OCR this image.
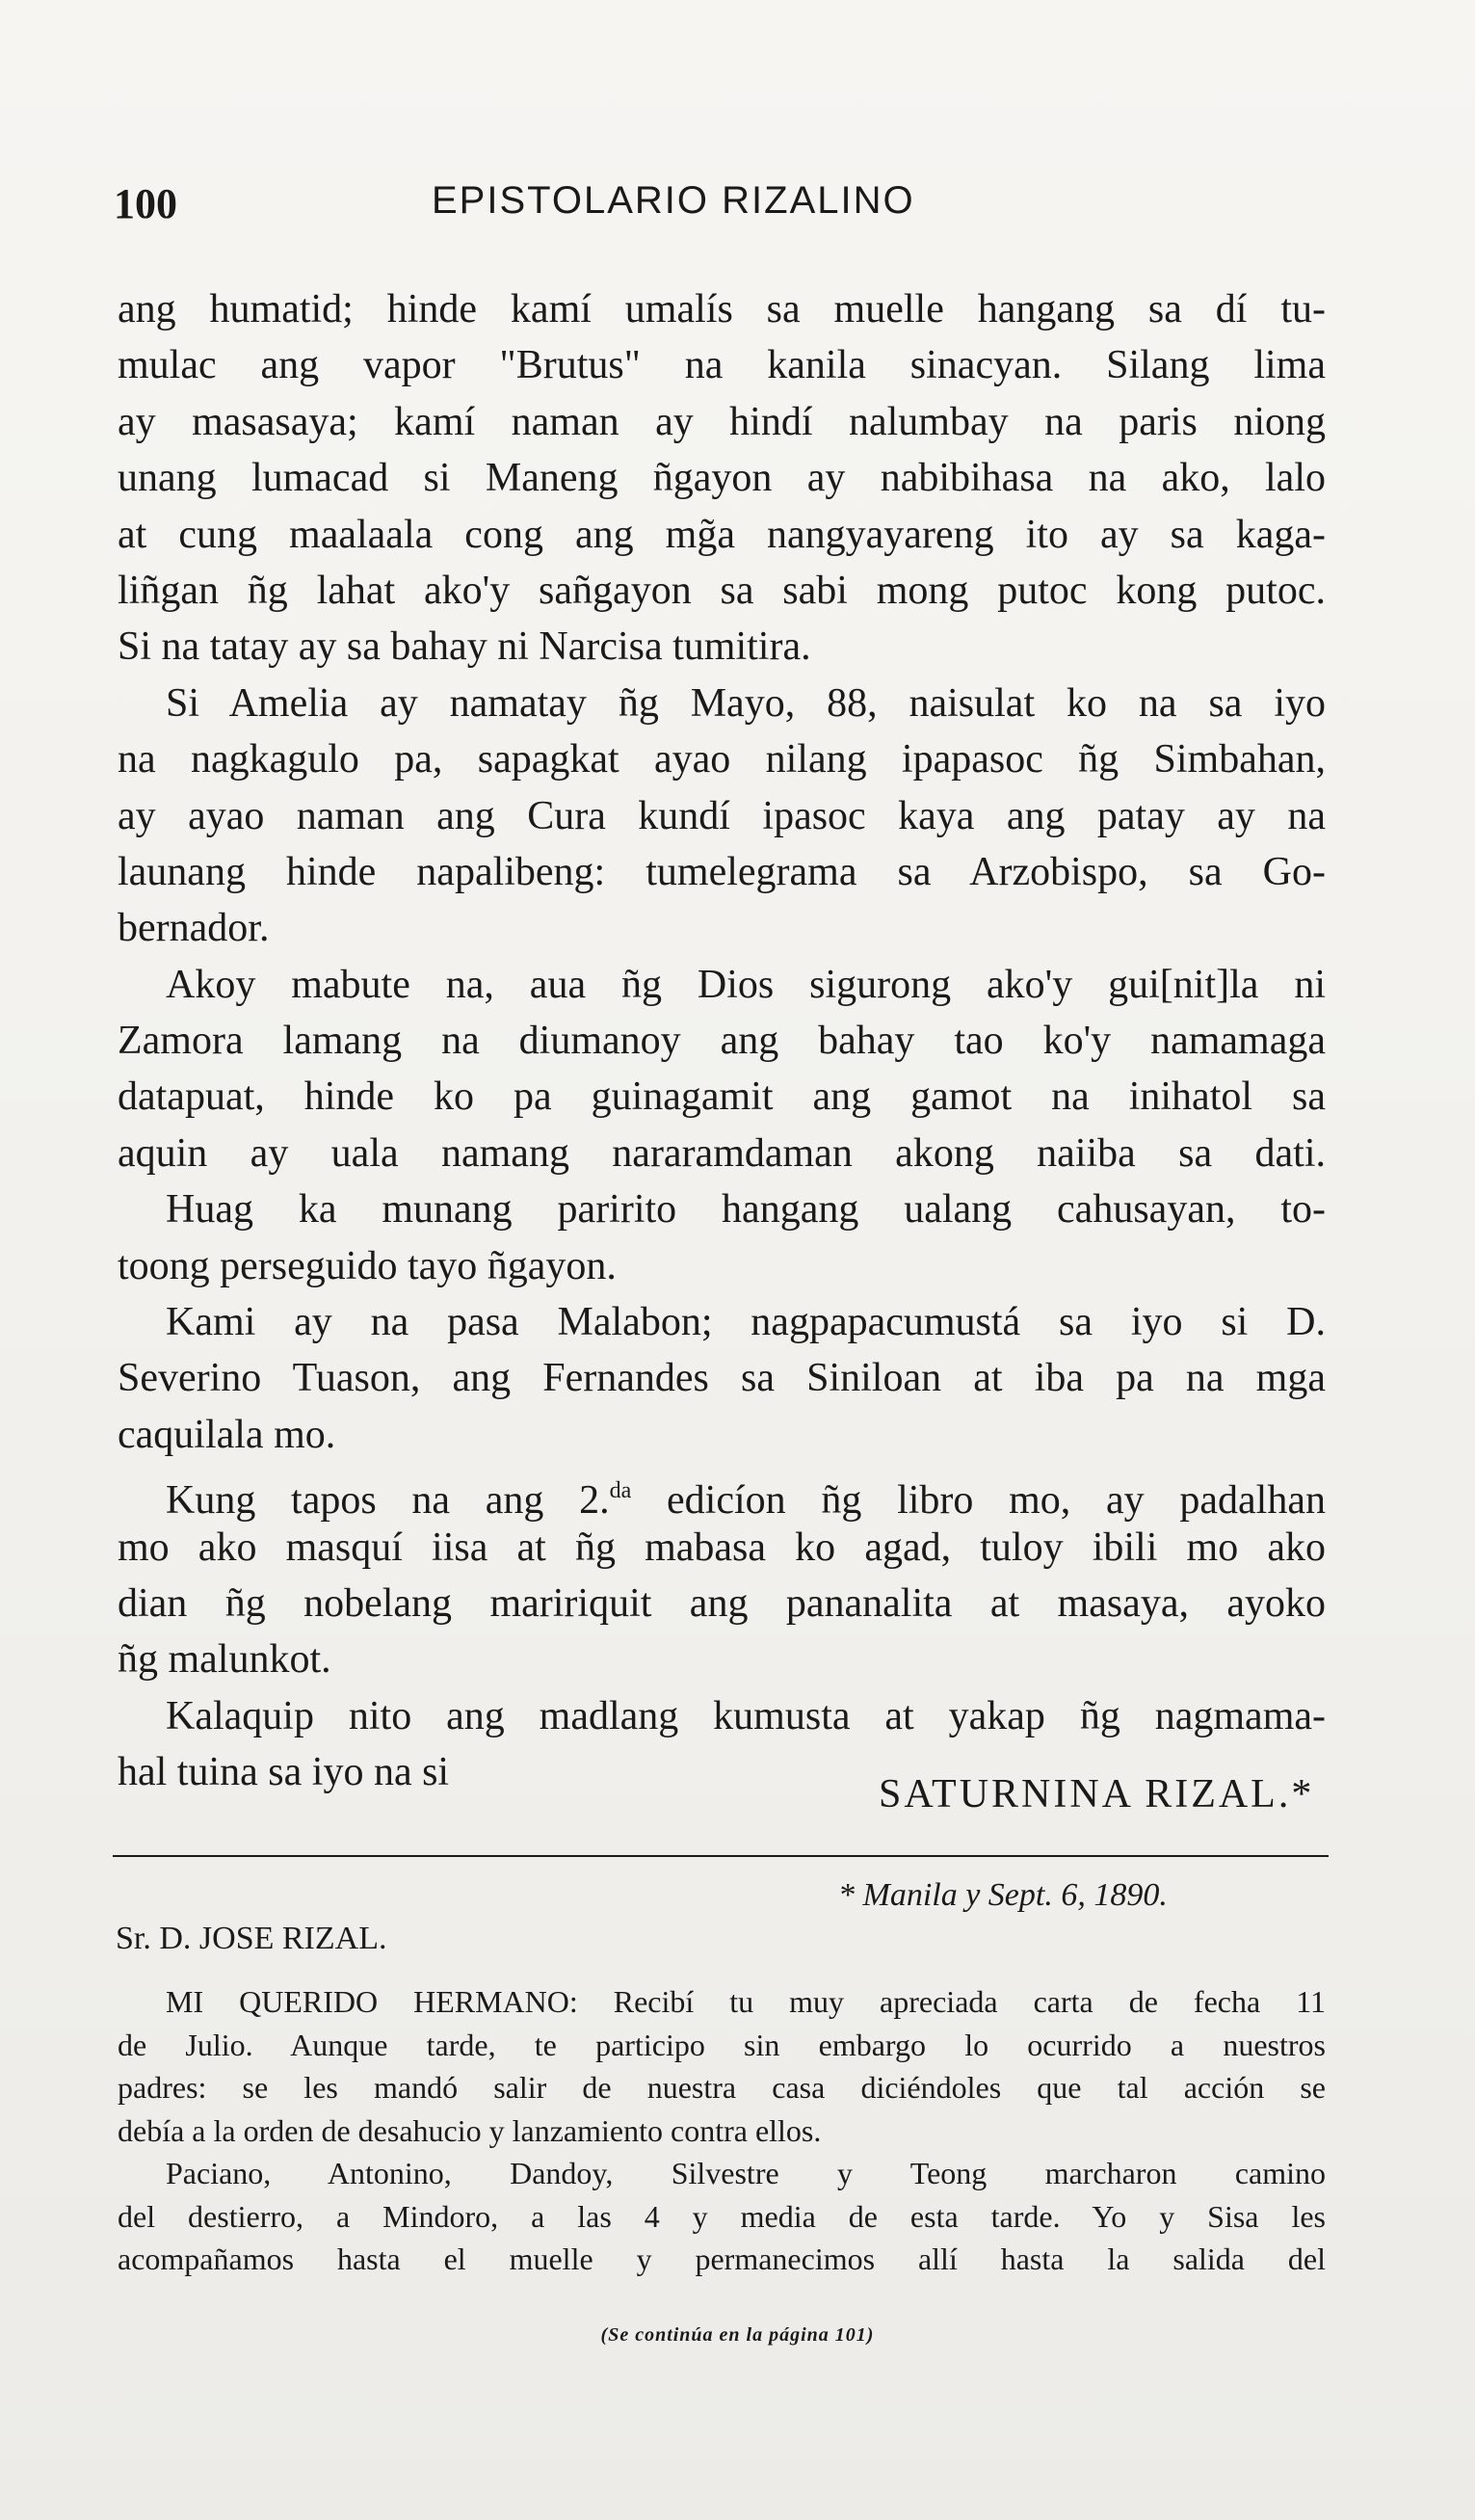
100	EPISTOLARIO RIZALINO
ang humatid; hinde kamí umalís sa muelle hangang sa dí tu-
mulac ang vapor "Brutus" na kanila sinacyan. Silang lima
ay masasaya; kamí naman ay hindí nalumbay na paris niong
unang lumacad si Maneng ñgayon ay nabibihasa na ako, lalo
at cung maalaala cong ang mg̃a nangyayareng ito ay sa kaga-
liñgan ñg lahat ako'y sañgayon sa sabi mong putoc kong putoc.
Si na tatay ay sa bahay ni Narcisa tumitira.
Si Amelia ay namatay ñg Mayo, 88, naisulat ko na sa iyo
na nagkagulo pa, sapagkat ayao nilang ipapasoc ñg Simbahan,
ay ayao naman ang Cura kundí ipasoc kaya ang patay ay na
launang hinde napalibeng: tumelegrama sa Arzobispo, sa Go-
bernador.
Akoy mabute na, aua ñg Dios sigurong ako'y gui[nit]la ni
Zamora lamang na diumanoy ang bahay tao ko'y namamaga
datapuat, hinde ko pa guinagamit ang gamot na inihatol sa
aquin ay uala namang nararamdaman akong naiiba sa dati.
Huag ka munang paririto hangang ualang cahusayan, to-
toong perseguido tayo ñgayon.
Kami ay na pasa Malabon; nagpapacumustá sa iyo si D.
Severino Tuason, ang Fernandes sa Siniloan at iba pa na mga
caquilala mo.
Kung tapos na ang 2.$^{da}$ edicíon ñg libro mo, ay padalhan
mo ako masquí iisa at ñg mabasa ko agad, tuloy ibili mo ako
dian ñg nobelang maririquit ang pananalita at masaya, ayoko
ñg malunkot.
Kalaquip nito ang madlang kumusta at yakap ñg nagmama-
hal tuina sa iyo na si	SATURNINA RIZAL.*
* Manila y Sept. 6, 1890.
Sr. D. JOSE RIZAL.
MI QUERIDO HERMANO: Recibí tu muy apreciada carta de fecha 11
de Julio. Aunque tarde, te participo sin embargo lo ocurrido a nuestros
padres: se les mandó salir de nuestra casa diciéndoles que tal acción se
debía a la orden de desahucio y lanzamiento contra ellos.
Paciano, Antonino, Dandoy, Silvestre y Teong marcharon camino
del destierro, a Mindoro, a las 4 y media de esta tarde. Yo y Sisa les
acompañamos hasta el muelle y permanecimos allí hasta la salida del
(Se continúa en la página 101)
